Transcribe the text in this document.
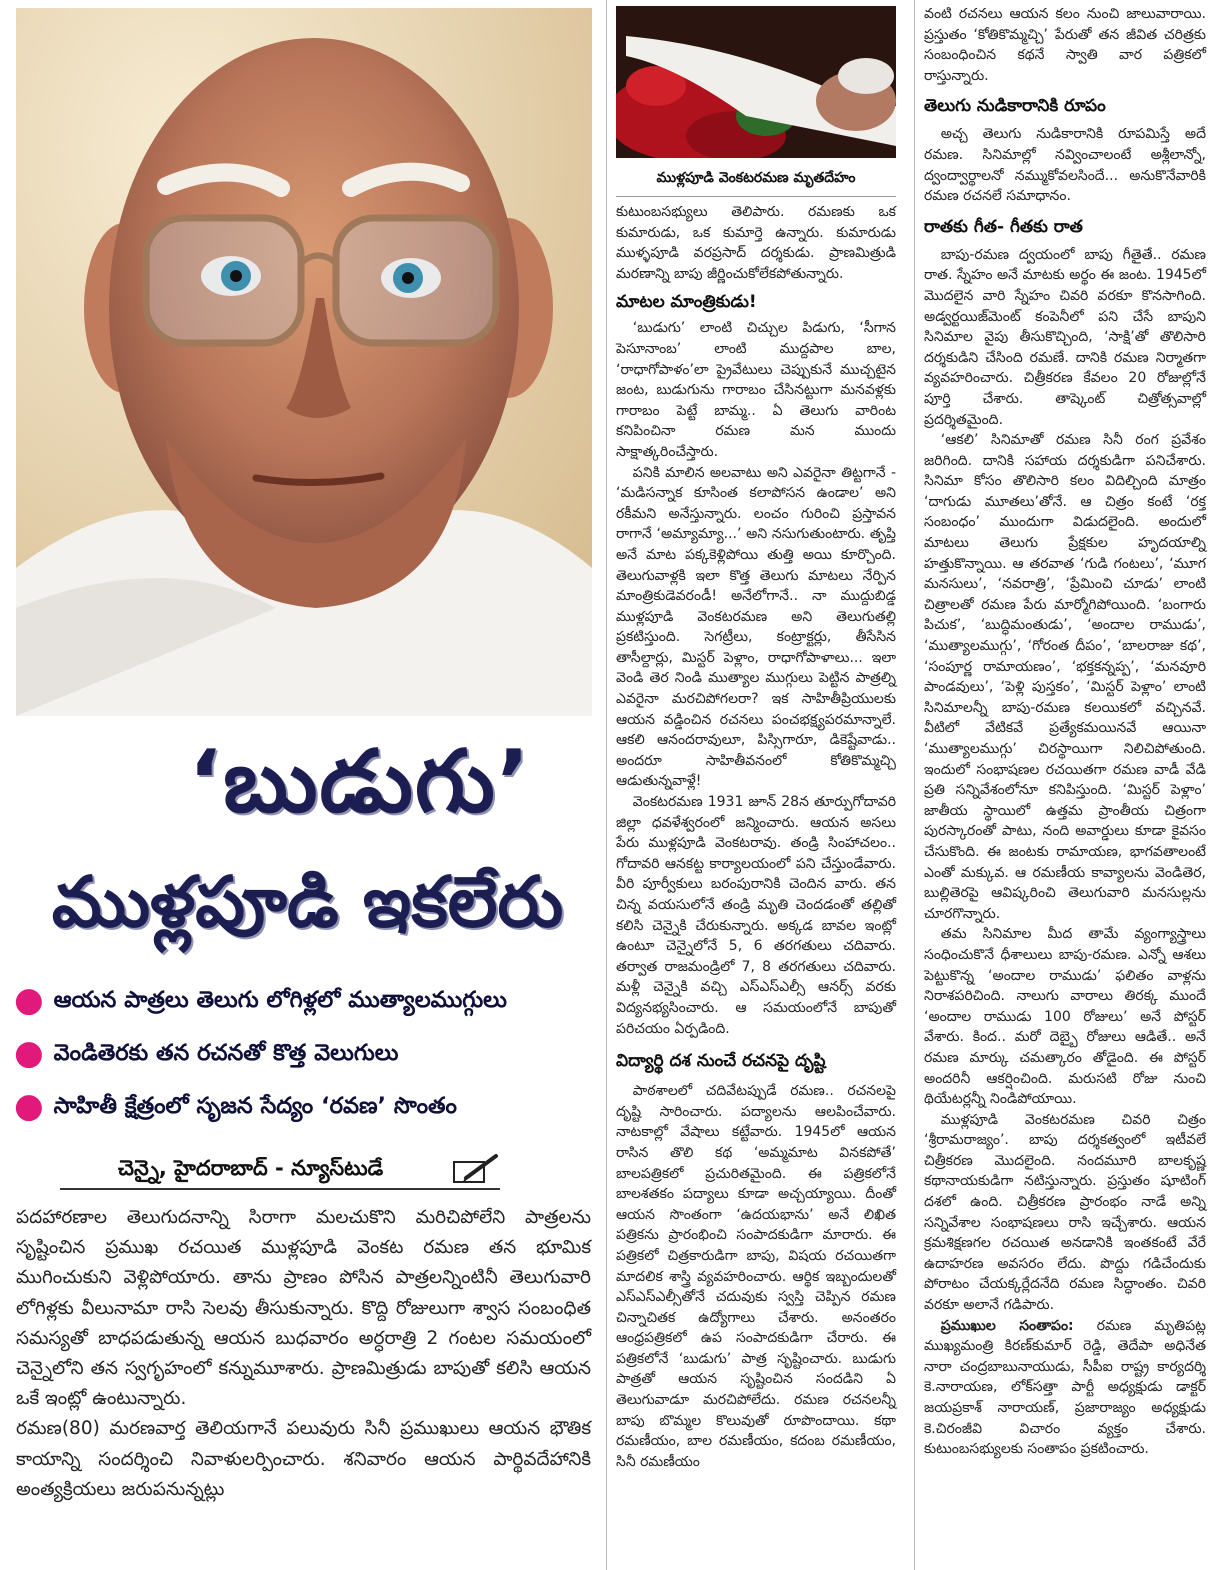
‘బుడుగు’
ముళ్లపూడి ఇకలేరు
● ఆయన పాత్రలు తెలుగు లోగిళ్లలో ముత్యాలముగ్గులు
● వెండితెరకు తన రచనతో కొత్త వెలుగులు
● సాహితీ క్షేత్రంలో సృజన సేద్యం ‘రవణ’ సొంతం
చెన్నై, హైదరాబాద్ - న్యూస్‌టుడే

పదహారణాల తెలుగుదనాన్ని సిరాగా మలచుకొని మరిచిపోలేని పాత్రలను సృష్టించిన ప్రముఖ రచయిత ముళ్లపూడి వెంకట రమణ తన భూమిక ముగించుకుని వెళ్లిపోయారు. తాను ప్రాణం పోసిన పాత్రలన్నింటినీ తెలుగువారి లోగిళ్లకు వీలునామా రాసి సెలవు తీసుకున్నారు. కొద్ది రోజులుగా శ్వాస సంబంధిత సమస్యతో బాధపడుతున్న ఆయన బుధవారం అర్ధరాత్రి 2 గంటల సమయంలో చెన్నైలోని తన స్వగృహంలో కన్నుమూశారు. ప్రాణమిత్రుడు బాపుతో కలిసి ఆయన ఒకే ఇంట్లో ఉంటున్నారు.

రమణ(80) మరణవార్త తెలియగానే పలువురు సినీ ప్రముఖులు ఆయన భౌతిక కాయాన్ని సందర్శించి నివాళులర్పించారు. శనివారం ఆయన పార్థివదేహానికి అంత్యక్రియలు జరుపనున్నట్లు

ముళ్లపూడి వెంకటరమణ మృతదేహం

కుటుంబసభ్యులు తెలిపారు. రమణకు ఒక కుమారుడు, ఒక కుమార్తె ఉన్నారు. కుమారుడు ముళ్ళపూడి వరప్రసాద్ దర్శకుడు. ప్రాణమిత్రుడి మరణాన్ని బాపు జీర్ణించుకోలేకపోతున్నారు.

మాటల మాంత్రికుడు!

‘బుడుగు’ లాంటి చిచ్చుల పిడుగు, ‘సీగాన పెసూనాంబ’ లాంటి ముద్దపాల బాల, ‘రాధాగోపాళం’లా ప్రైవేటులు చెప్పుకునే ముచ్చటైన జంట, బుడుగును గారాబం చేసినట్టుగా మనవళ్లకు గారాబం పెట్టే బామ్మ.. ఏ తెలుగు వారింట కనిపించినా రమణ మన ముందు సాక్షాత్కరించేస్తారు.

పనికి మాలిన అలవాటు అని ఎవరైనా తిట్టగానే - ‘మడిసన్నాక కూసింత కలాపోసన ఉండాల’ అని రకీమని అనేస్తున్నారు. లంచం గురించి ప్రస్తావన రాగానే ‘అమ్యామ్యా...’ అని నసుగుతుంటారు. తృప్తి అనే మాట పక్కకెళ్లిపోయి తుత్తి అయి కూర్చొంది. తెలుగువాళ్లకి ఇలా కొత్త తెలుగు మాటలు నేర్పిన మాంత్రికుడెవరండీ! అనేలోగానే.. నా ముద్దుబిడ్డ ముళ్లపూడి వెంకటరమణ అని తెలుగుతల్లి ప్రకటిస్తుంది. సెగట్రీలు, కంట్రాక్టర్లు, తీసేసిన తాసీల్దార్లు, మిస్టర్ పెళ్లాం, రాధాగోపాళాలు... ఇలా వెండి తెర నిండి ముత్యాల ముగ్గులు పెట్టిన పాత్రల్ని ఎవరైనా మరచిపోగలరా? ఇక సాహితీప్రియులకు ఆయన వడ్డించిన రచనలు పంచభక్ష్యపరమాన్నాలే. ఆకలి ఆనందరావులూ, పిస్సిగారూ, డికెష్టేవాడు.. అందరూ సాహితీవనంలో కోతికొమ్మచ్చి ఆడుతున్నవాళ్లే!

వెంకటరమణ 1931 జూన్ 28న తూర్పుగోదావరి జిల్లా ధవళేశ్వరంలో జన్మించారు. ఆయన అసలు పేరు ముళ్లపూడి వెంకటరావు. తండ్రి సింహాచలం.. గోదావరి ఆనకట్ట కార్యాలయంలో పని చేస్తుండేవారు. వీరి పూర్వీకులు బరంపురానికి చెందిన వారు. తన చిన్న వయసులోనే తండ్రి మృతి చెందడంతో తల్లితో కలిసి చెన్నైకి చేరుకున్నారు. అక్కడ బావల ఇంట్లో ఉంటూ చెన్నైలోనే 5, 6 తరగతులు చదివారు. తర్వాత రాజమండ్రిలో 7, 8 తరగతులు చదివారు. మళ్లీ చెన్నైకి వచ్చి ఎస్ఎస్ఎల్సీ ఆనర్స్ వరకు విద్యనభ్యసించారు. ఆ సమయంలోనే బాపుతో పరిచయం ఏర్పడింది.

విద్యార్థి దశ నుంచే రచనపై దృష్టి

పాఠశాలలో చదివేటప్పుడే రమణ.. రచనలపై దృష్టి సారించారు. పద్యాలను ఆలపించేవారు. నాటకాల్లో వేషాలు కట్టేవారు. 1945లో ఆయన రాసిన తొలి కథ ‘అమ్మమాట వినకపోతే’ బాలపత్రికలో ప్రచురితమైంది. ఈ పత్రికలోనే బాలశతకం పద్యాలు కూడా అచ్చయ్యాయి. దీంతో ఆయన సొంతంగా ‘ఉదయభాను’ అనే లిఖిత పత్రికను ప్రారంభించి సంపాదకుడిగా మారారు. ఈ పత్రికలో చిత్రకారుడిగా బాపు, విషయ రచయితగా మాదలిక శాస్త్రి వ్యవహరించారు. ఆర్థిక ఇబ్బందులతో ఎస్ఎస్ఎల్సీతోనే చదువుకు స్వస్తి చెప్పిన రమణ చిన్నాచితక ఉద్యోగాలు చేశారు. అనంతరం ఆంధ్రపత్రికలో ఉప సంపాదకుడిగా చేరారు. ఈ పత్రికలోనే ‘బుడుగు’ పాత్ర సృష్టించారు. బుడుగు పాత్రతో ఆయన సృష్టించిన సందడిని ఏ తెలుగువాడూ మరచిపోలేదు. రమణ రచనలన్నీ బాపు బొమ్మల కొలువుతో రూపొందాయి. కథా రమణీయం, బాల రమణీయం, కదంబ రమణీయం, సినీ రమణీయం

వంటి రచనలు ఆయన కలం నుంచి జాలువారాయి. ప్రస్తుతం ‘కోతికొమ్మచ్చి’ పేరుతో తన జీవిత చరిత్రకు సంబంధించిన కథనే స్వాతి వార పత్రికలో రాస్తున్నారు.

తెలుగు నుడికారానికి రూపం

అచ్చ తెలుగు నుడికారానికి రూపమిస్తే అదే రమణ. సినిమాల్లో నవ్వించాలంటే అశ్లీలాన్నో, ద్వంద్వార్థాలనో నమ్ముకోవలసిందే... అనుకొనేవారికి రమణ రచనలే సమాధానం.

రాతకు గీత- గీతకు రాత

బాపు-రమణ ద్వయంలో బాపు గీతైతే.. రమణ రాత. స్నేహం అనే మాటకు అర్థం ఈ జంట. 1945లో మొదలైన వారి స్నేహం చివరి వరకూ కొనసాగింది. అడ్వర్టయిజ్‌మెంట్ కంపెనీలో పని చేసే బాపుని సినిమాల వైపు తీసుకొచ్చింది, ‘సాక్షి’తో తొలిసారి దర్శకుడిని చేసింది రమణే. దానికి రమణ నిర్మాతగా వ్యవహరించారు. చిత్రీకరణ కేవలం 20 రోజుల్లోనే పూర్తి చేశారు. తాష్కెంట్ చిత్రోత్సవాల్లో ప్రదర్శితమైంది.

‘ఆకలి’ సినిమాతో రమణ సినీ రంగ ప్రవేశం జరిగింది. దానికి సహాయ దర్శకుడిగా పనిచేశారు. సినిమా కోసం తొలిసారి కలం విదిల్చింది మాత్రం ‘దాగుడు మూతలు’తోనే. ఆ చిత్రం కంటే ‘రక్త సంబంధం’ ముందుగా విడుదలైంది. అందులో మాటలు తెలుగు ప్రేక్షకుల హృదయాల్ని హత్తుకొన్నాయి. ఆ తరవాత ‘గుడి గంటలు’, ‘మూగ మనసులు’, ‘నవరాత్రి’, ‘ప్రేమించి చూడు’ లాంటి చిత్రాలతో రమణ పేరు మార్మోగిపోయింది. ‘బంగారు పిచుక’, ‘బుద్ధిమంతుడు’, ‘అందాల రాముడు’, ‘ముత్యాలముగ్గు’, ‘గోరంత దీపం’, ‘బాలరాజు కథ’, ‘సంపూర్ణ రామాయణం’, ‘భక్తకన్నప్ప’, ‘మనవూరి పాండవులు’, ‘పెళ్లి పుస్తకం’, ‘మిస్టర్ పెళ్లాం’ లాంటి సినిమాలన్నీ బాపు-రమణ కలయికలో వచ్చినవే. వీటిలో వేటికవే ప్రత్యేకమయినవే ఆయినా ‘ముత్యాలముగ్గు’ చిరస్థాయిగా నిలిచిపోతుంది. ఇందులో సంభాషణల రచయితగా రమణ వాడీ వేడి ప్రతి సన్నివేశంలోనూ కనిపిస్తుంది. ‘మిస్టర్ పెళ్లాం’ జాతీయ స్థాయిలో ఉత్తమ ప్రాంతీయ చిత్రంగా పురస్కారంతో పాటు, నంది అవార్డులు కూడా కైవసం చేసుకొంది. ఈ జంటకు రామాయణ, భాగవతాలంటే ఎంతో మక్కువ. ఆ రమణీయ కావ్యాలను వెండితెర, బుల్లితెరపై ఆవిష్కరించి తెలుగువారి మనసుల్లను చూరగొన్నారు.

తమ సినిమాల మీద తామే వ్యంగ్యాస్త్రాలు సంధించుకొనే ధీశాలులు బాపు-రమణ. ఎన్నో ఆశలు పెట్టుకొన్న ‘అందాల రాముడు’ ఫలితం వాళ్లను నిరాశపరిచింది. నాలుగు వారాలు తిరక్క ముందే ‘అందాల రాముడు 100 రోజులు’ అనే పోస్టర్ వేశారు. కింద.. మరో దెబ్బై రోజులు ఆడితే.. అనే రమణ మార్కు చమత్కారం తోడైంది. ఈ పోస్టర్ అందరినీ ఆకర్షించింది. మరుసటి రోజు నుంచి థియేటర్లన్నీ నిండిపోయాయి.

ముళ్లపూడి వెంకటరమణ చివరి చిత్రం ‘శ్రీరామరాజ్యం’. బాపు దర్శకత్వంలో ఇటీవలే చిత్రీకరణ మొదలైంది. నందమూరి బాలకృష్ణ కథానాయకుడిగా నటిస్తున్నారు. ప్రస్తుతం షూటింగ్ దశలో ఉంది. చిత్రీకరణ ప్రారంభం నాడే అన్ని సన్నివేశాల సంభాషణలు రాసి ఇచ్చేశారు. ఆయన క్రమశిక్షణగల రచయిత అనడానికి ఇంతకంటే వేరే ఉదాహరణ అవసరం లేదు. పొద్దు గడిచేందుకు పోరాటం చేయక్కర్లేదనేది రమణ సిద్ధాంతం. చివరి వరకూ అలానే గడిపారు.

ప్రముఖుల సంతాపం: రమణ మృతిపట్ల ముఖ్యమంత్రి కిరణ్‌కుమార్ రెడ్డి, తెదేపా అధినేత నారా చంద్రబాబునాయుడు, సీపీఐ రాష్ట్ర కార్యదర్శి కె.నారాయణ, లోక్‌సత్తా పార్టీ అధ్యక్షుడు డాక్టర్ జయప్రకాశ్ నారాయణ్, ప్రజారాజ్యం అధ్యక్షుడు కె.చిరంజీవి విచారం వ్యక్తం చేశారు. కుటుంబసభ్యులకు సంతాపం ప్రకటించారు.
